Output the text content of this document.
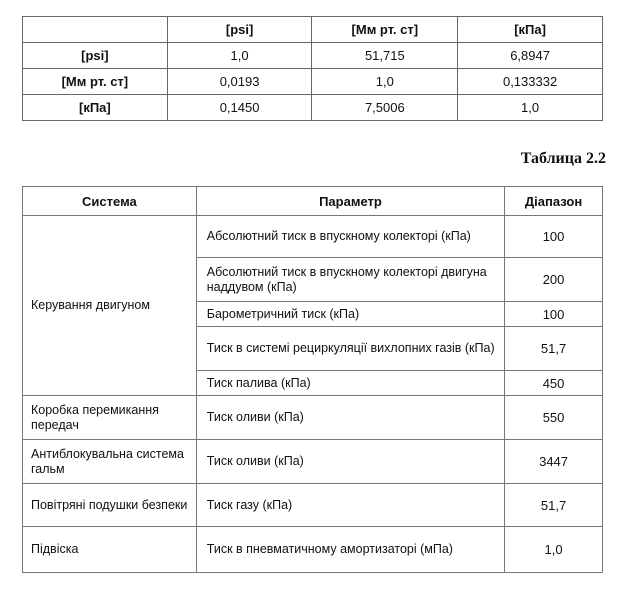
	[psi]	[Мм рт. ст]	[кПа]
[psi]	1,0	51,715	6,8947
[Мм рт. ст]	0,0193	1,0	0,133332
[кПа]	0,1450	7,5006	1,0
Таблица 2.2
Система	Параметр	Діапазон
Керування двигуном	Абсолютний тиск в впускному колекторі (кПа)	100
	Абсолютний тиск в впускному колекторі двигуна наддувом (кПа)	200
	Барометричний тиск (кПа)	100
	Тиск в системі рециркуляції вихлопних газів (кПа)	51,7
	Тиск палива (кПа)	450
Коробка перемикання передач	Тиск оливи (кПа)	550
Антиблокувальна система гальм	Тиск оливи (кПа)	3447
Повітряні подушки безпеки	Тиск газу (кПа)	51,7
Підвіска	Тиск в пневматичному амортизаторі (мПа)	1,0
